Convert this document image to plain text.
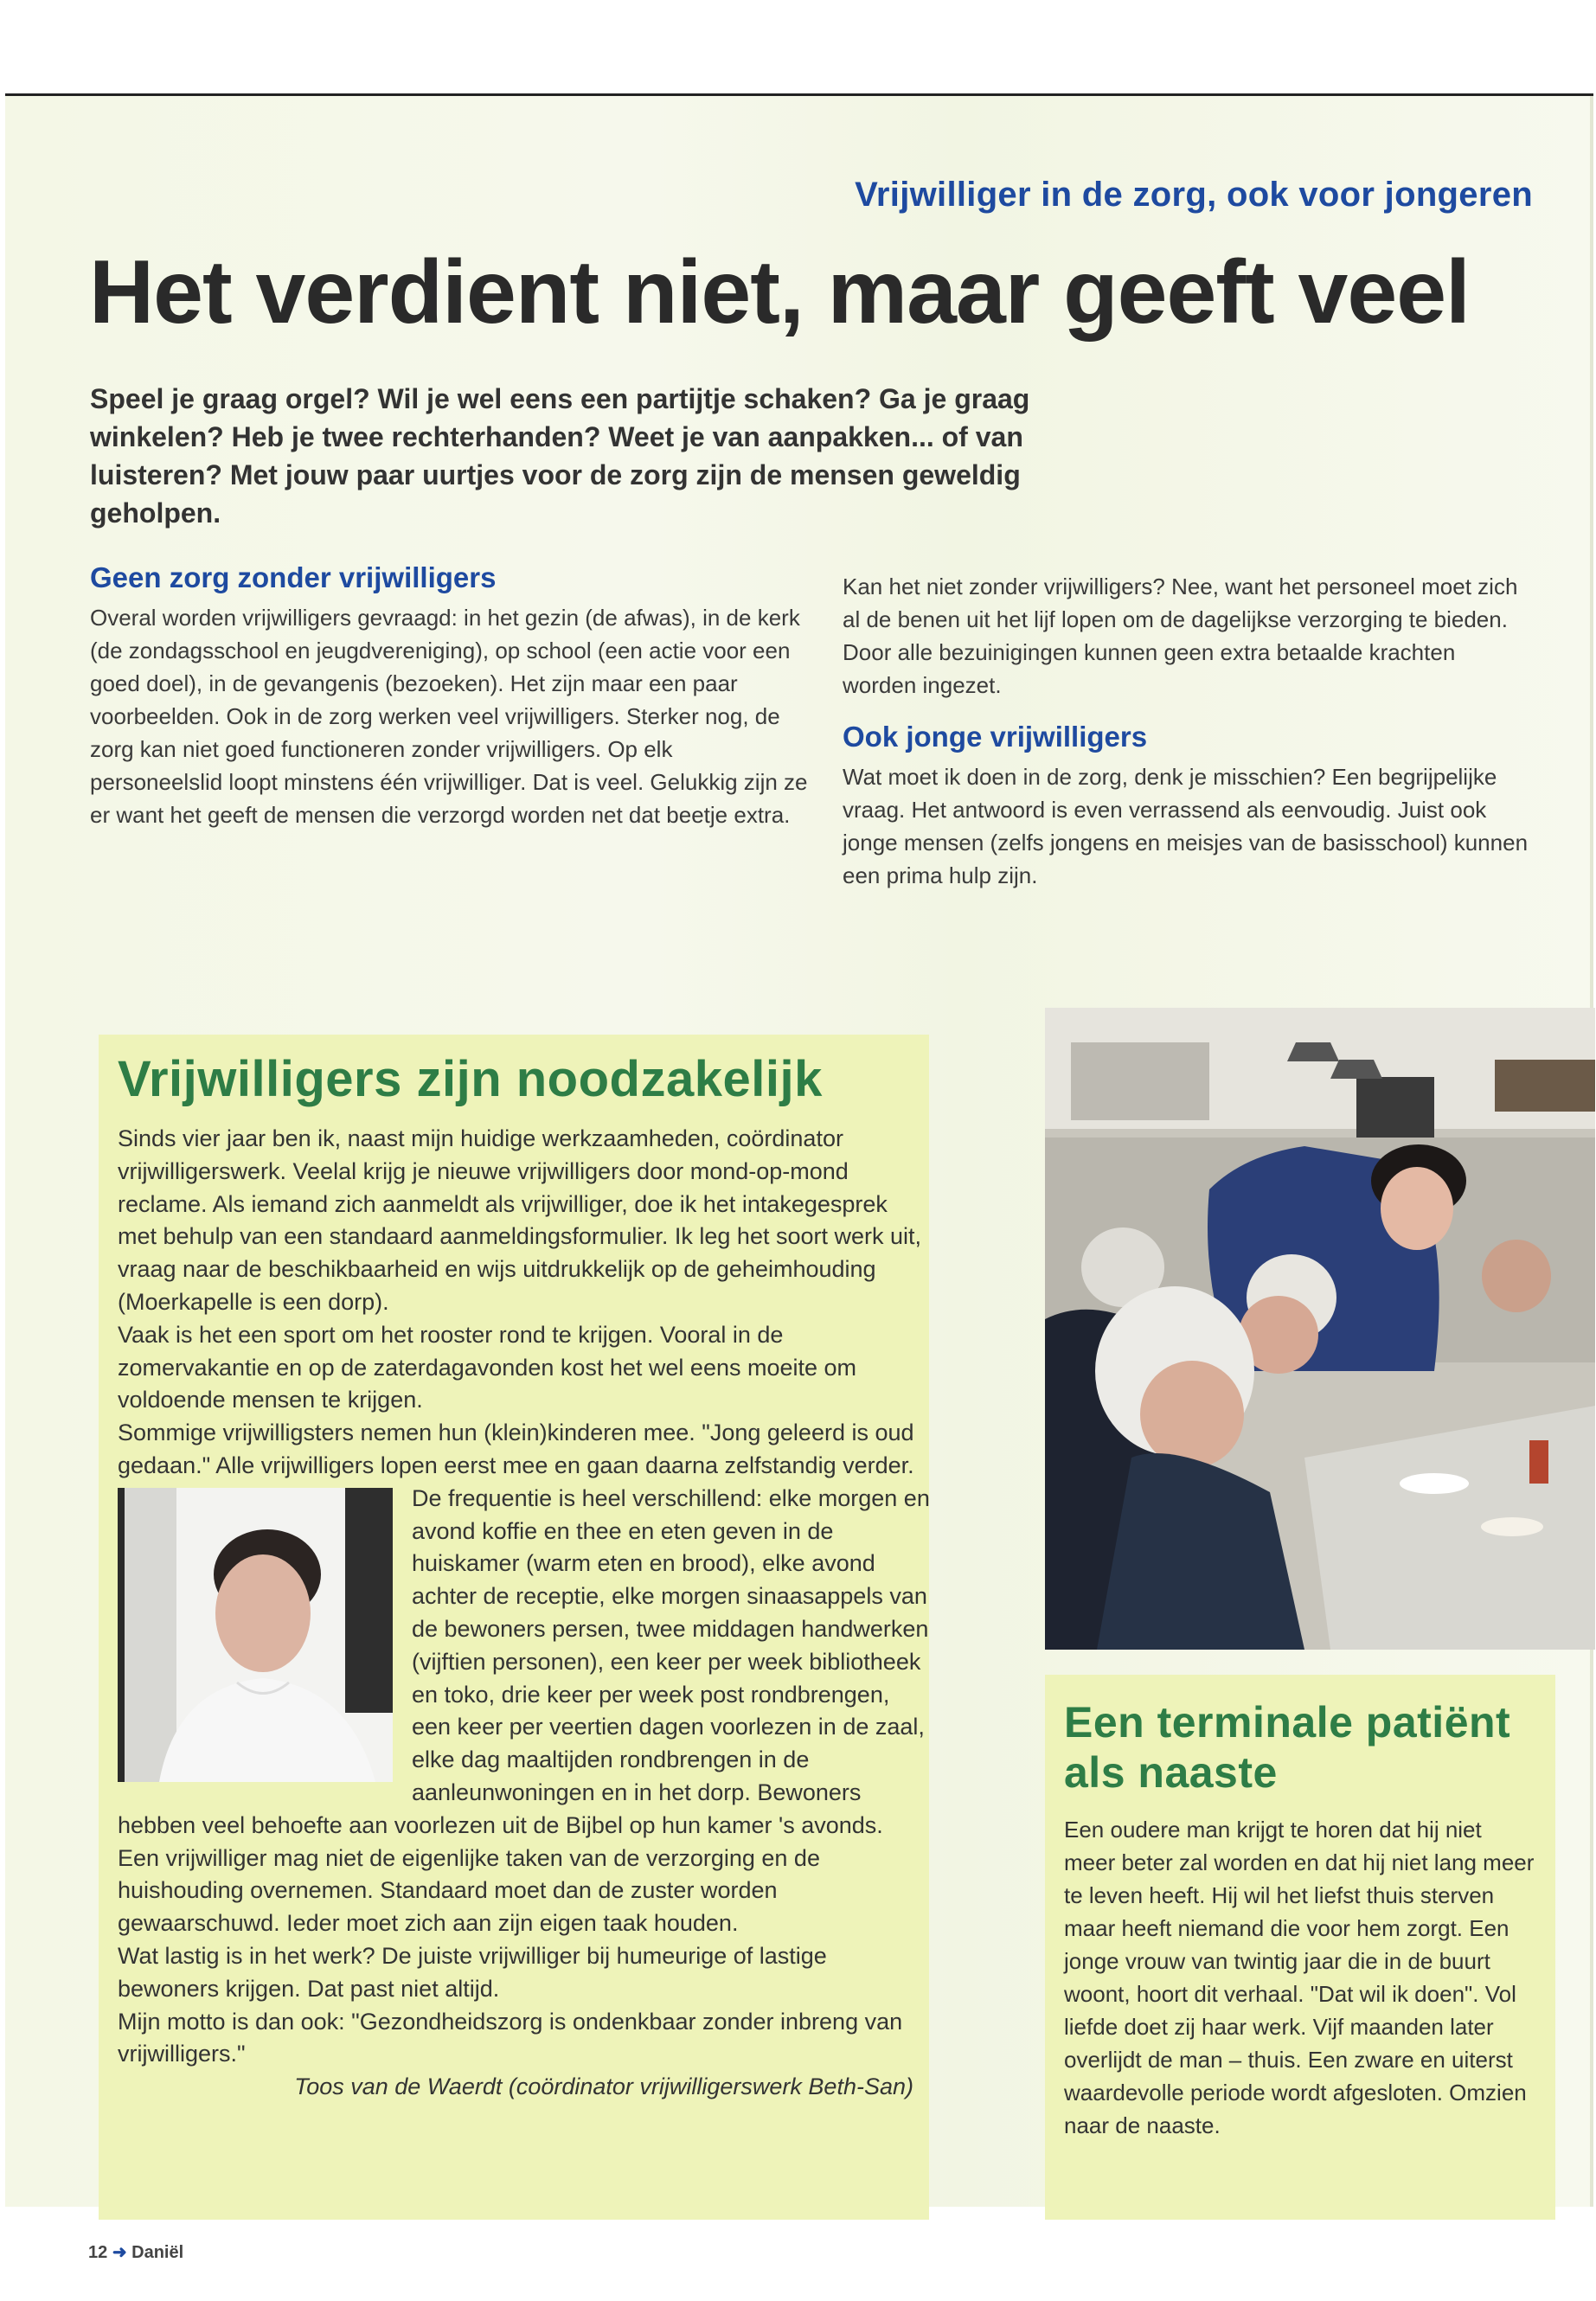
Vrijwilliger in de zorg, ook voor jongeren
Het verdient niet, maar geeft veel
Speel je graag orgel? Wil je wel eens een partijtje schaken? Ga je graag winkelen? Heb je twee rechterhanden? Weet je van aanpakken... of van luisteren? Met jouw paar uurtjes voor de zorg zijn de mensen geweldig geholpen.
Geen zorg zonder vrijwilligers

Overal worden vrijwilligers gevraagd: in het gezin (de afwas), in de kerk (de zondagsschool en jeugdvereniging), op school (een actie voor een goed doel), in de gevangenis (bezoeken). Het zijn maar een paar voorbeelden. Ook in de zorg werken veel vrijwilligers. Sterker nog, de zorg kan niet goed functioneren zonder vrijwilligers. Op elk personeelslid loopt minstens één vrijwilliger. Dat is veel. Gelukkig zijn ze er want het geeft de mensen die verzorgd worden net dat beetje extra.

Kan het niet zonder vrijwilligers? Nee, want het personeel moet zich al de benen uit het lijf lopen om de dagelijkse verzorging te bieden. Door alle bezuinigingen kunnen geen extra betaalde krachten worden ingezet.

Ook jonge vrijwilligers

Wat moet ik doen in de zorg, denk je misschien? Een begrijpelijke vraag. Het antwoord is even verrassend als eenvoudig. Juist ook jonge mensen (zelfs jongens en meisjes van de basisschool) kunnen een prima hulp zijn.

Vrijwilligers zijn noodzakelijk

Sinds vier jaar ben ik, naast mijn huidige werkzaamheden, coördinator vrijwilligerswerk. Veelal krijg je nieuwe vrijwilligers door mond-op-mond reclame. Als iemand zich aanmeldt als vrijwilliger, doe ik het intakegesprek met behulp van een standaard aanmeldingsformulier. Ik leg het soort werk uit, vraag naar de beschikbaarheid en wijs uitdrukkelijk op de geheimhouding (Moerkapelle is een dorp).

Vaak is het een sport om het rooster rond te krijgen. Vooral in de zomervakantie en op de zaterdagavonden kost het wel eens moeite om voldoende mensen te krijgen.

Sommige vrijwilligsters nemen hun (klein)kinderen mee. "Jong geleerd is oud gedaan." Alle vrijwilligers lopen eerst mee en gaan daarna zelfstandig verder.

De frequentie is heel verschillend: elke morgen en avond koffie en thee en eten geven in de huiskamer (warm eten en brood), elke avond achter de receptie, elke morgen sinaasappels van de bewoners persen, twee middagen handwerken (vijftien personen), een keer per week bibliotheek en toko, drie keer per week post rondbrengen, een keer per veertien dagen voorlezen in de zaal, elke dag maaltijden rondbrengen in de aanleunwoningen en in het dorp. Bewoners hebben veel behoefte aan voorlezen uit de Bijbel op hun kamer 's avonds.

Een vrijwilliger mag niet de eigenlijke taken van de verzorging en de huishouding overnemen. Standaard moet dan de zuster worden gewaarschuwd. Ieder moet zich aan zijn eigen taak houden.

Wat lastig is in het werk? De juiste vrijwilliger bij humeurige of lastige bewoners krijgen. Dat past niet altijd.

Mijn motto is dan ook: "Gezondheidszorg is ondenkbaar zonder inbreng van vrijwilligers."

Toos van de Waerdt (coördinator vrijwilligerswerk Beth-San)

Een terminale patiënt als naaste

Een oudere man krijgt te horen dat hij niet meer beter zal worden en dat hij niet lang meer te leven heeft. Hij wil het liefst thuis sterven maar heeft niemand die voor hem zorgt. Een jonge vrouw van twintig jaar die in de buurt woont, hoort dit verhaal. "Dat wil ik doen". Vol liefde doet zij haar werk. Vijf maanden later overlijdt de man – thuis. Een zware en uiterst waardevolle periode wordt afgesloten. Omzien naar de naaste.

12 ➜ Daniël
